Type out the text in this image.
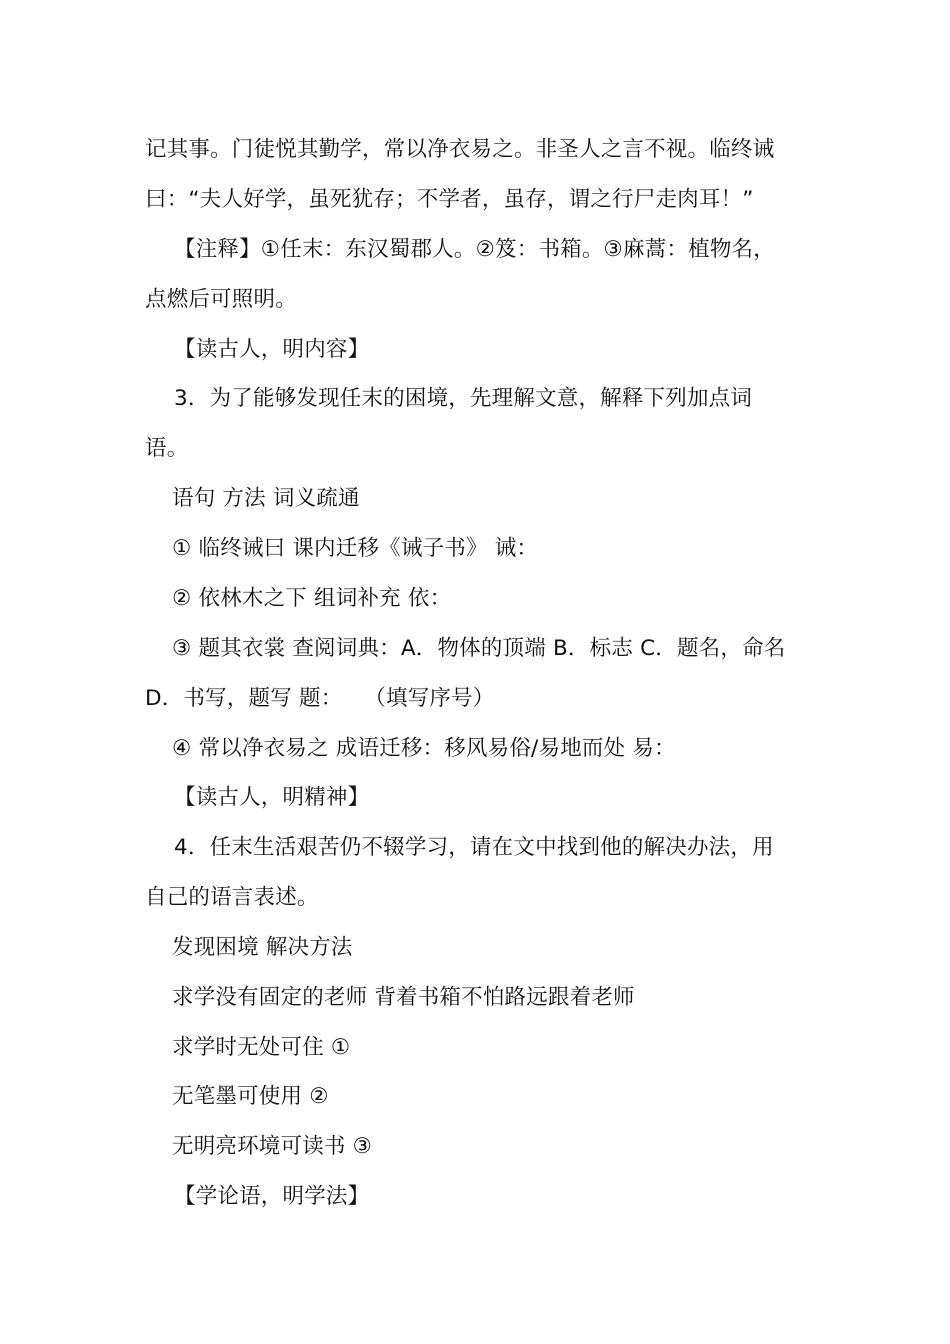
记其事。门徒悦其勤学，常以净衣易之。非圣人之言不视。临终诫
曰：“夫人好学，虽死犹存；不学者，虽存，谓之行尸走肉耳！”
【注释】①任末：东汉蜀郡人。②笈：书箱。③麻蒿：植物名，
点燃后可照明。
【读古人，明内容】
3．为了能够发现任末的困境，先理解文意，解释下列加点词
语。
语句 方法 词义疏通
① 临终诫曰 课内迁移《诫子书》 诫：
② 依林木之下 组词补充 依：
③ 题其衣裳 查阅词典：A．物体的顶端 B．标志 C．题名，命名
D．书写，题写 题：　　（填写序号）
④ 常以净衣易之 成语迁移：移风易俗/易地而处 易：
【读古人，明精神】
4．任末生活艰苦仍不辍学习，请在文中找到他的解决办法，用
自己的语言表述。
发现困境 解决方法
求学没有固定的老师 背着书箱不怕路远跟着老师
求学时无处可住 ①
无笔墨可使用 ②
无明亮环境可读书 ③
【学论语，明学法】
